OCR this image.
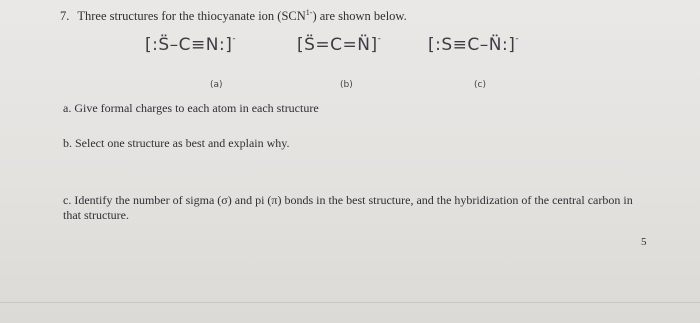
7. Three structures for the thiocyanate ion $(SCN^{1-})$ are shown below.
[:S̈–C≡N:]-	[S̈=C=N̈]-	[:S≡C–N̈:]-
(a)	(b)	(c)
a. Give formal charges to each atom in each structure
b. Select one structure as best and explain why.
c. Identify the number of sigma (σ) and pi (π) bonds in the best structure, and the hybridization of the central carbon in that structure.
5
